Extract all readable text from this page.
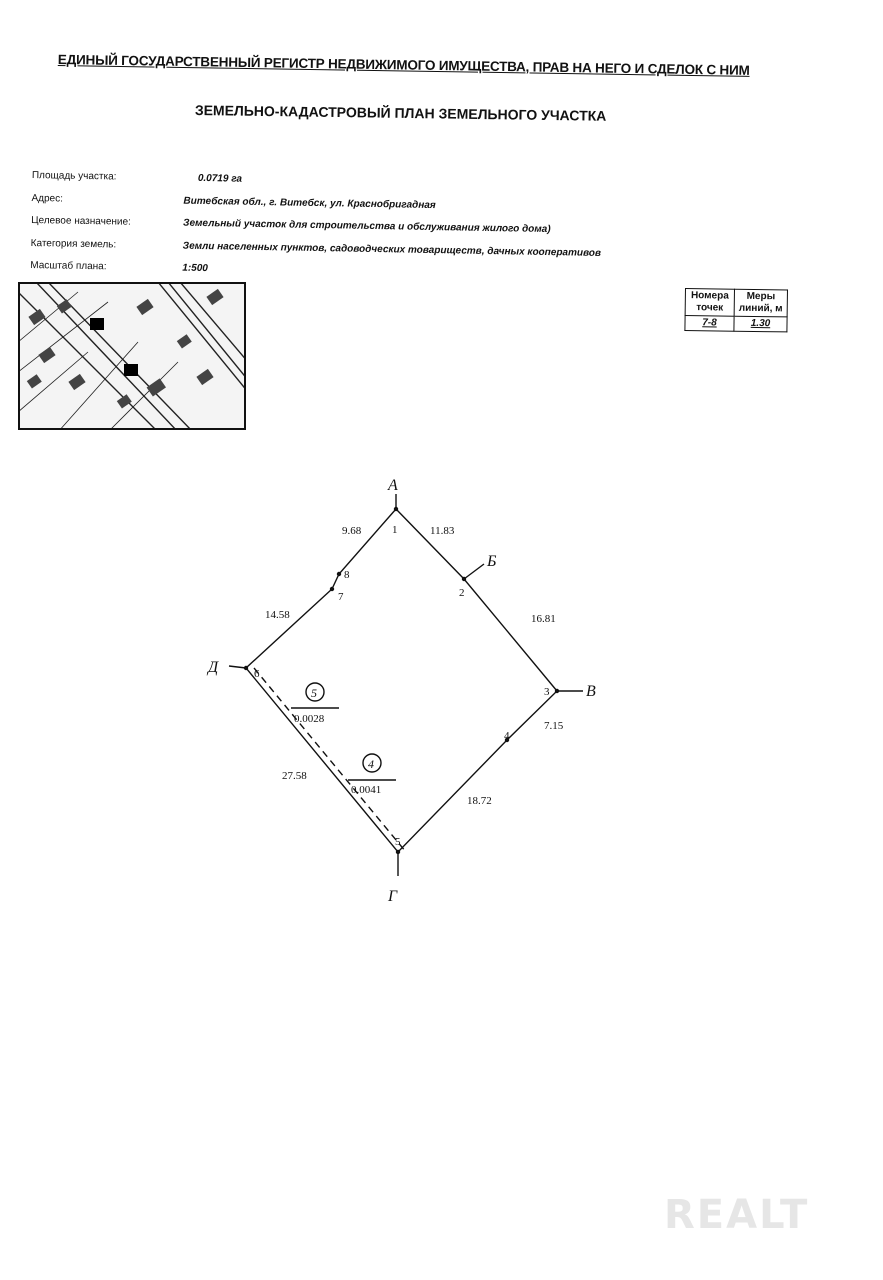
ЕДИНЫЙ ГОСУДАРСТВЕННЫЙ РЕГИСТР НЕДВИЖИМОГО ИМУЩЕСТВА, ПРАВ НА НЕГО И СДЕЛОК С НИМ
ЗЕМЕЛЬНО-КАДАСТРОВЫЙ ПЛАН ЗЕМЕЛЬНОГО УЧАСТКА
Площадь участка:	0.0719 га
Адрес:	Витебская обл., г. Витебск, ул. Краснобригадная
Целевое назначение:	Земельный участок для строительства и обслуживания жилого дома)
Категория земель:	Земли населенных пунктов, садоводческих товариществ, дачных кооперативов
Масштаб плана:	1:500
Номера точек	Меры линий, м
7-8	1.30
А
Б
В
Г
Д
1
2
3
4
5
6
7
8
9.68	11.83
16.81
14.58
7.15
18.72
27.58
5
0.0028
4
0.0041
REALT
